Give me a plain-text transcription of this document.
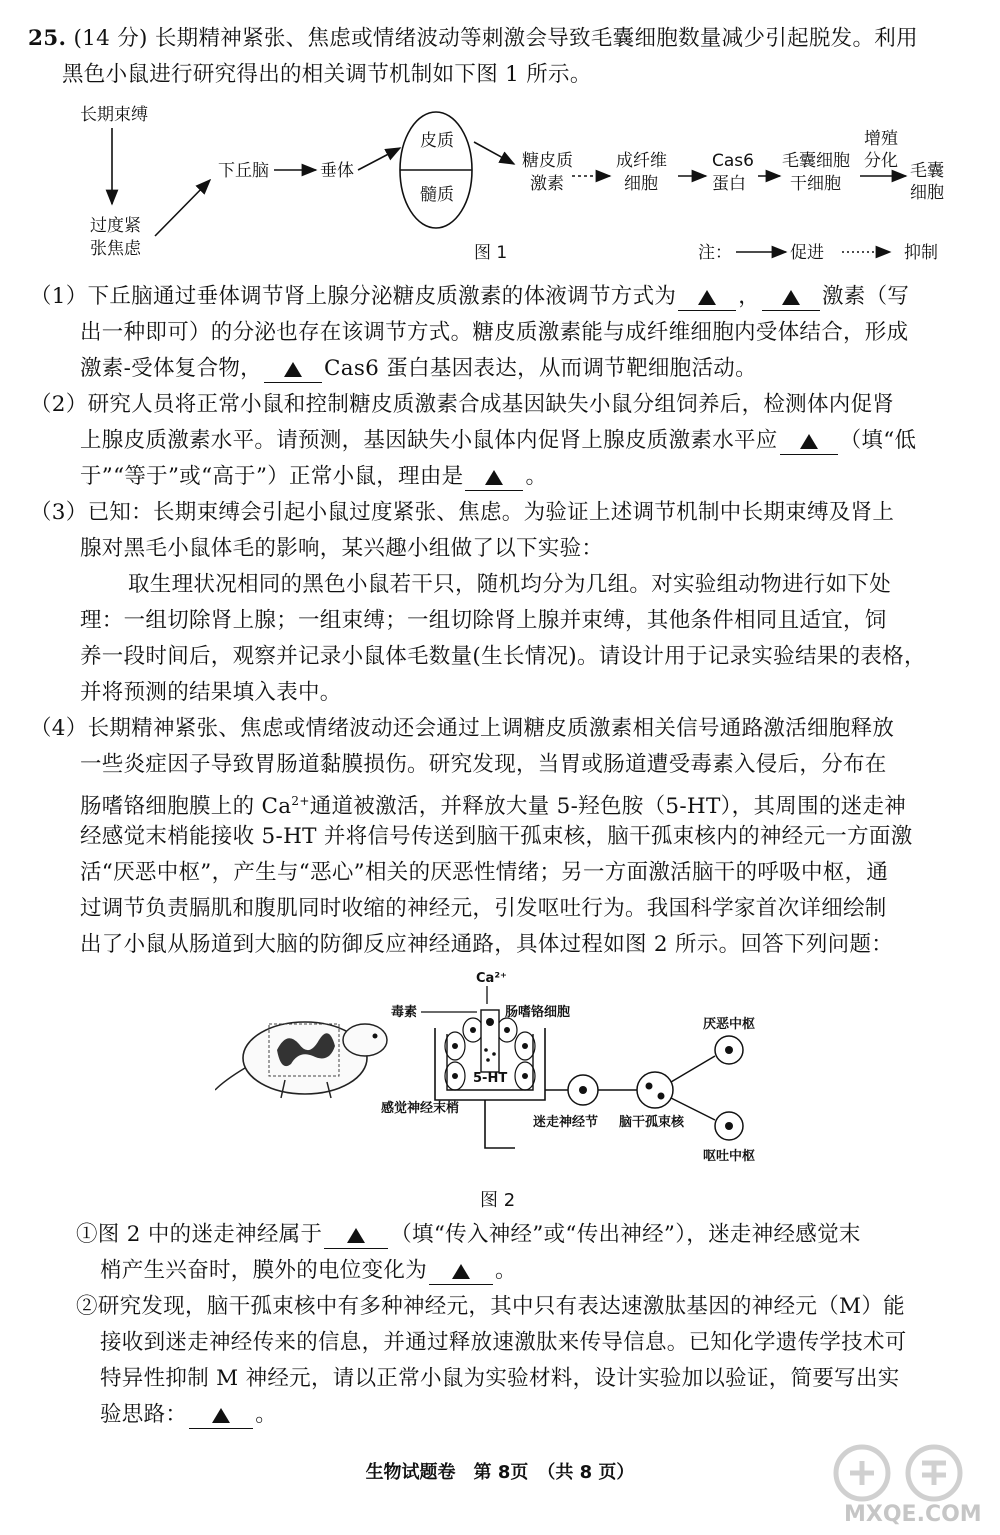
25. (14 分) 长期精神紧张、焦虑或情绪波动等刺激会导致毛囊细胞数量减少引起脱发。利用
黑色小鼠进行研究得出的相关调节机制如下图 1 所示。
长期束缚
过度紧
张焦虑
下丘脑	垂体
皮质
髓质
糖皮质
激素
成纤维
细胞
Cas6
蛋白
毛囊细胞
干细胞
增殖
分化 毛囊
细胞
图 1	注：	促进	抑制
（1）下丘脑通过垂体调节肾上腺分泌糖皮质激素的体液调节方式为	，	激素（写
出一种即可）的分泌也存在该调节方式。糖皮质激素能与成纤维细胞内受体结合，形成
激素-受体复合物，	Cas6 蛋白基因表达，从而调节靶细胞活动。
（2）研究人员将正常小鼠和控制糖皮质激素合成基因缺失小鼠分组饲养后，检测体内促肾
上腺皮质激素水平。请预测，基因缺失小鼠体内促肾上腺皮质激素水平应	（填“低
于”“等于”或“高于”）正常小鼠，理由是	。
（3）已知：长期束缚会引起小鼠过度紧张、焦虑。为验证上述调节机制中长期束缚及肾上
腺对黑毛小鼠体毛的影响，某兴趣小组做了以下实验：
取生理状况相同的黑色小鼠若干只，随机均分为几组。对实验组动物进行如下处
理：一组切除肾上腺；一组束缚；一组切除肾上腺并束缚，其他条件相同且适宜，饲
养一段时间后，观察并记录小鼠体毛数量(生长情况)。请设计用于记录实验结果的表格，
并将预测的结果填入表中。
（4）长期精神紧张、焦虑或情绪波动还会通过上调糖皮质激素相关信号通路激活细胞释放
一些炎症因子导致胃肠道黏膜损伤。研究发现，当胃或肠道遭受毒素入侵后，分布在
肠嗜铬细胞膜上的 $Ca^{2+}$通道被激活，并释放大量 5-羟色胺（5-HT），其周围的迷走神
经感觉末梢能接收 5-HT 并将信号传送到脑干孤束核，脑干孤束核内的神经元一方面激
活“厌恶中枢”，产生与“恶心”相关的厌恶性情绪；另一方面激活脑干的呼吸中枢，通
过调节负责膈肌和腹肌同时收缩的神经元，引发呕吐行为。我国科学家首次详细绘制
出了小鼠从肠道到大脑的防御反应神经通路，具体过程如图 2 所示。回答下列问题：
Ca²⁺
毒素	肠嗜铬细胞
5-HT
感觉神经末梢
厌恶中枢
呕吐中枢
迷走神经节 脑干孤束核
图 2
①图 2 中的迷走神经属于	（填“传入神经”或“传出神经”），迷走神经感觉末
梢产生兴奋时，膜外的电位变化为	。
②研究发现，脑干孤束核中有多种神经元，其中只有表达速激肽基因的神经元（M）能
接收到迷走神经传来的信息，并通过释放速激肽来传导信息。已知化学遗传学技术可
特异性抑制 M 神经元，请以正常小鼠为实验材料，设计实验加以验证，简要写出实
验思路：	。
生物试题卷　第 8页　（共 8 页）
MXQE.COM
